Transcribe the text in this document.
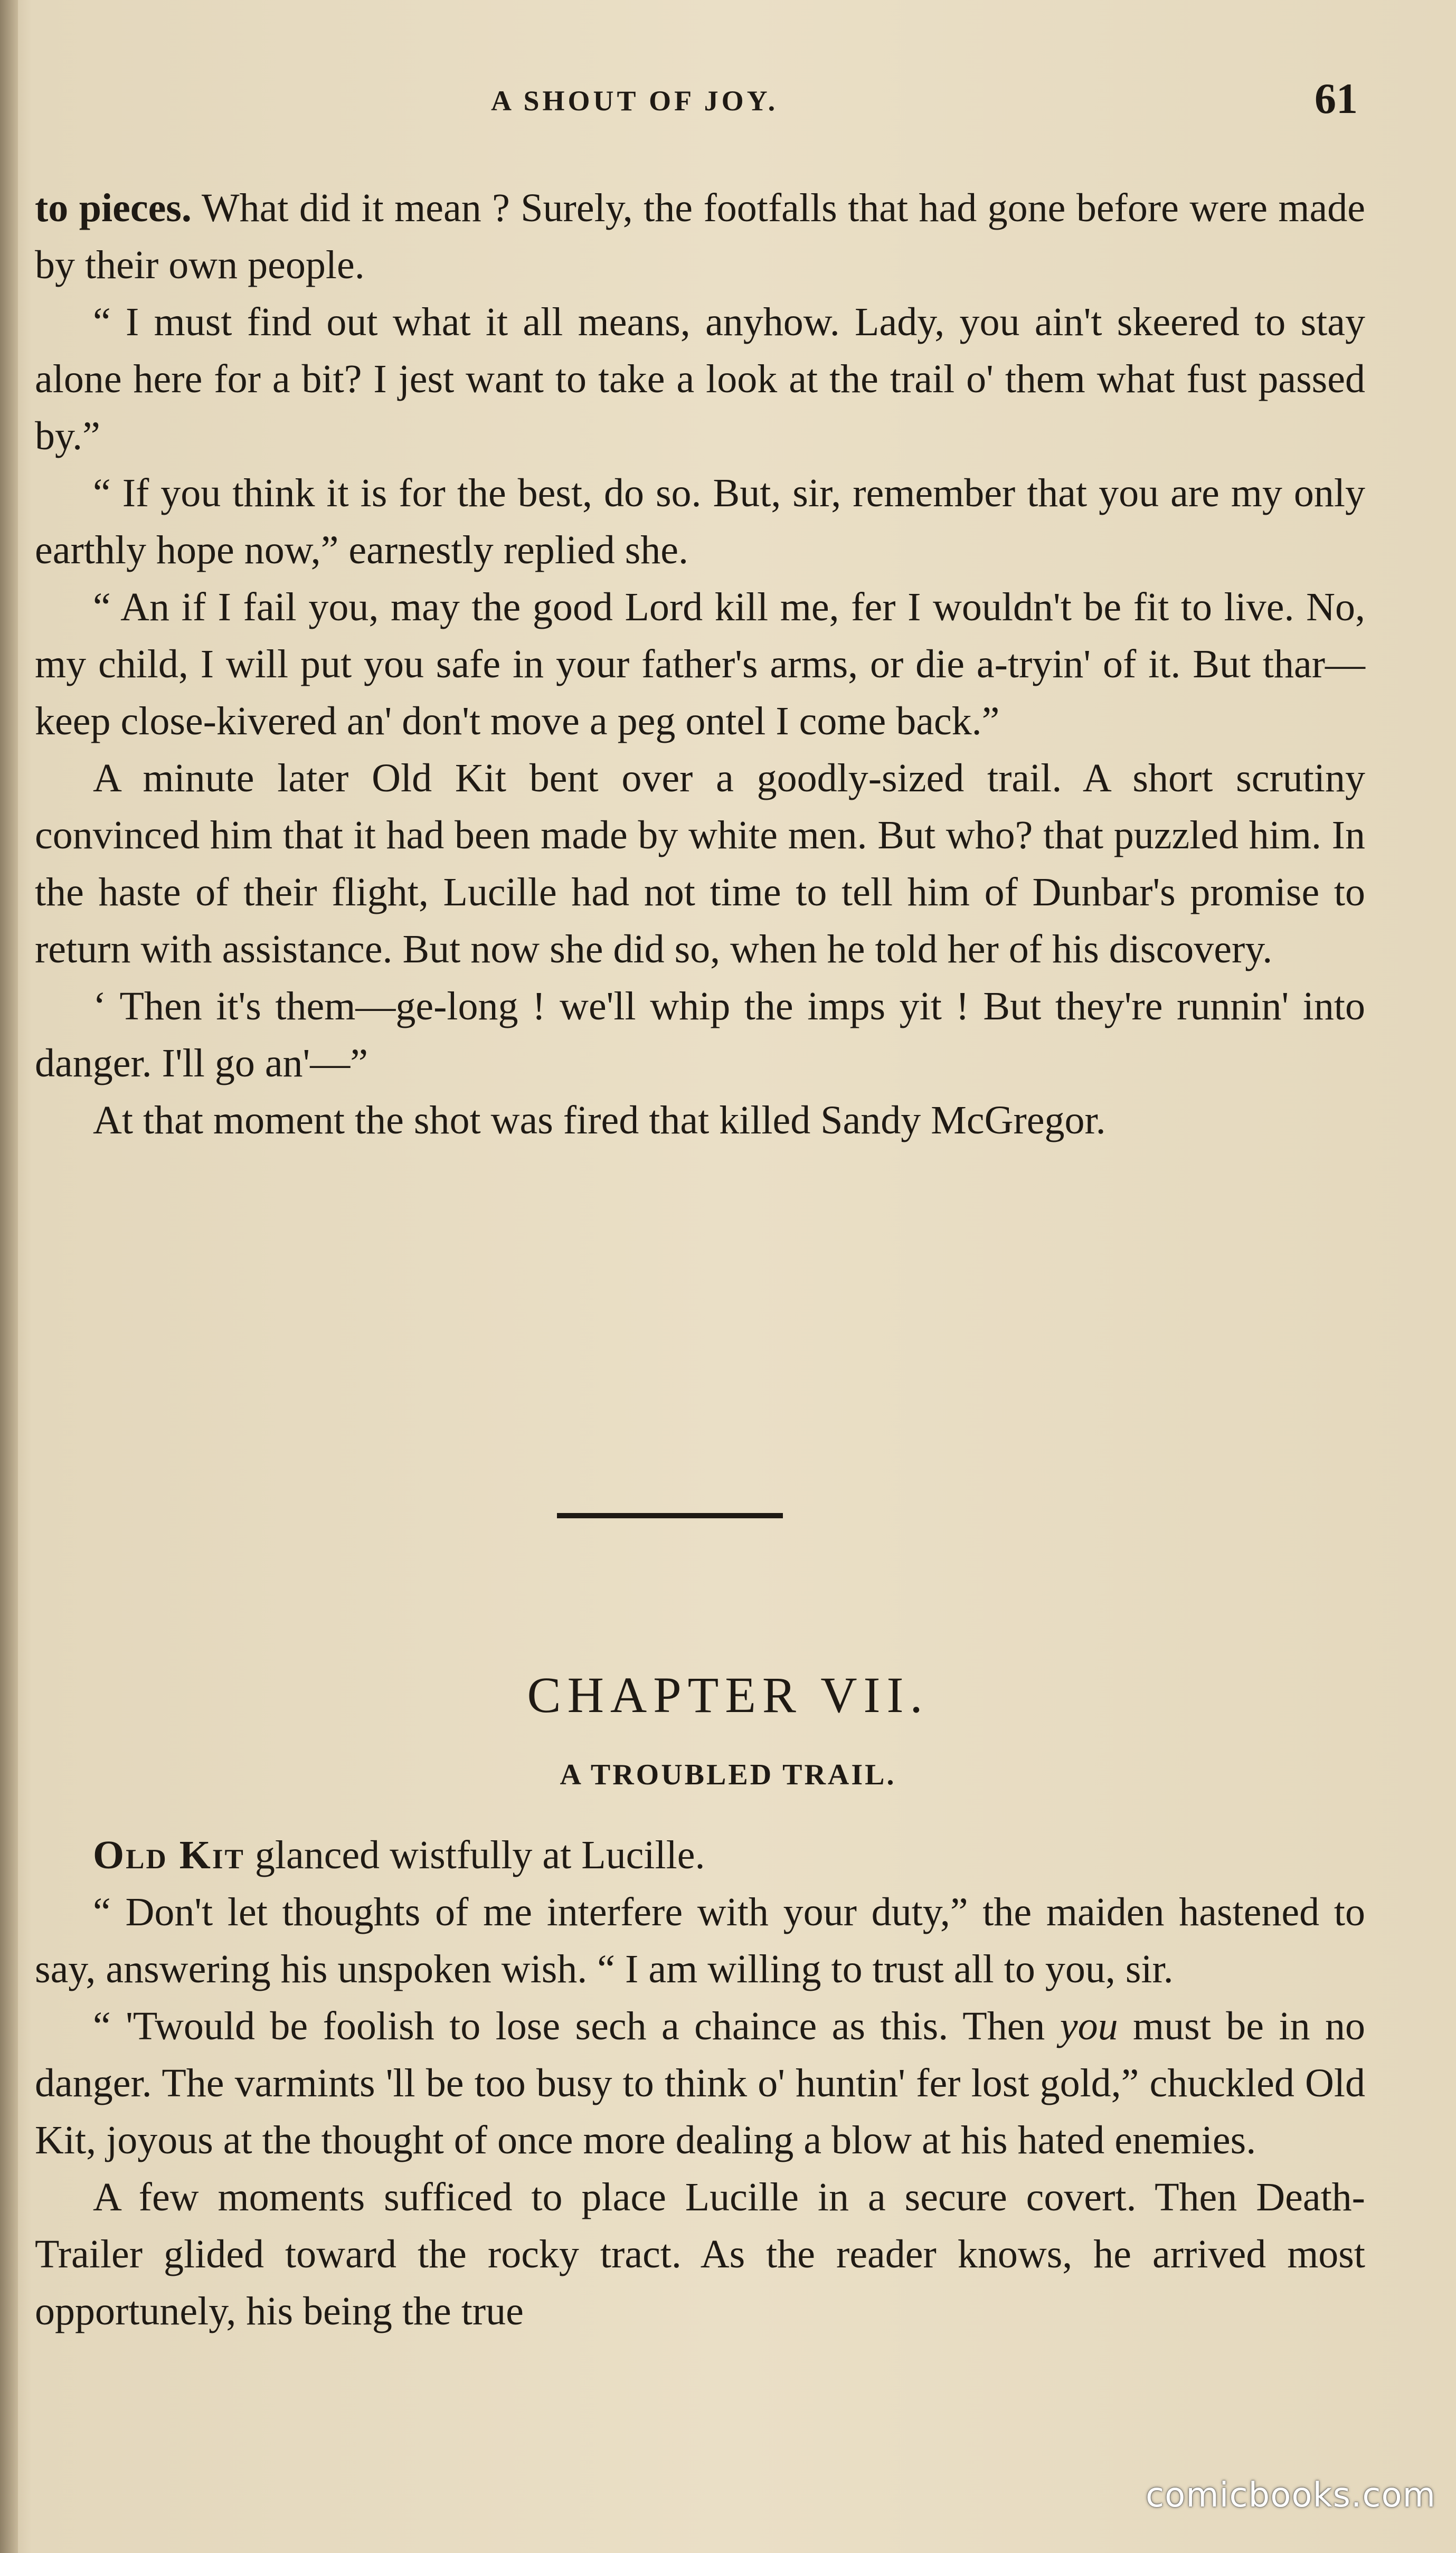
A SHOUT OF JOY.	61

to pieces. What did it mean ? Surely, the footfalls that had gone before were made by their own people.

“ I must find out what it all means, anyhow. Lady, you ain't skeered to stay alone here for a bit? I jest want to take a look at the trail o' them what fust passed by.”

“ If you think it is for the best, do so. But, sir, remember that you are my only earthly hope now,” earnestly replied she.

“ An if I fail you, may the good Lord kill me, fer I wouldn't be fit to live. No, my child, I will put you safe in your father's arms, or die a-tryin' of it. But thar—keep close-kivered an' don't move a peg ontel I come back.”

A minute later Old Kit bent over a goodly-sized trail. A short scrutiny convinced him that it had been made by white men. But who? that puzzled him. In the haste of their flight, Lucille had not time to tell him of Dunbar's promise to return with assistance. But now she did so, when he told her of his discovery.

‘ Then it's them—ge-long ! we'll whip the imps yit ! But they're runnin' into danger. I'll go an'—”

At that moment the shot was fired that killed Sandy McGregor.

CHAPTER VII.
A TROUBLED TRAIL.

Old Kit glanced wistfully at Lucille.

“ Don't let thoughts of me interfere with your duty,” the maiden hastened to say, answering his unspoken wish. “ I am willing to trust all to you, sir.

“ 'Twould be foolish to lose sech a chaince as this. Then you must be in no danger. The varmints 'll be too busy to think o' huntin' fer lost gold,” chuckled Old Kit, joyous at the thought of once more dealing a blow at his hated enemies.

A few moments sufficed to place Lucille in a secure covert. Then Death-Trailer glided toward the rocky tract. As the reader knows, he arrived most opportunely, his being the true

comicbooks.com
